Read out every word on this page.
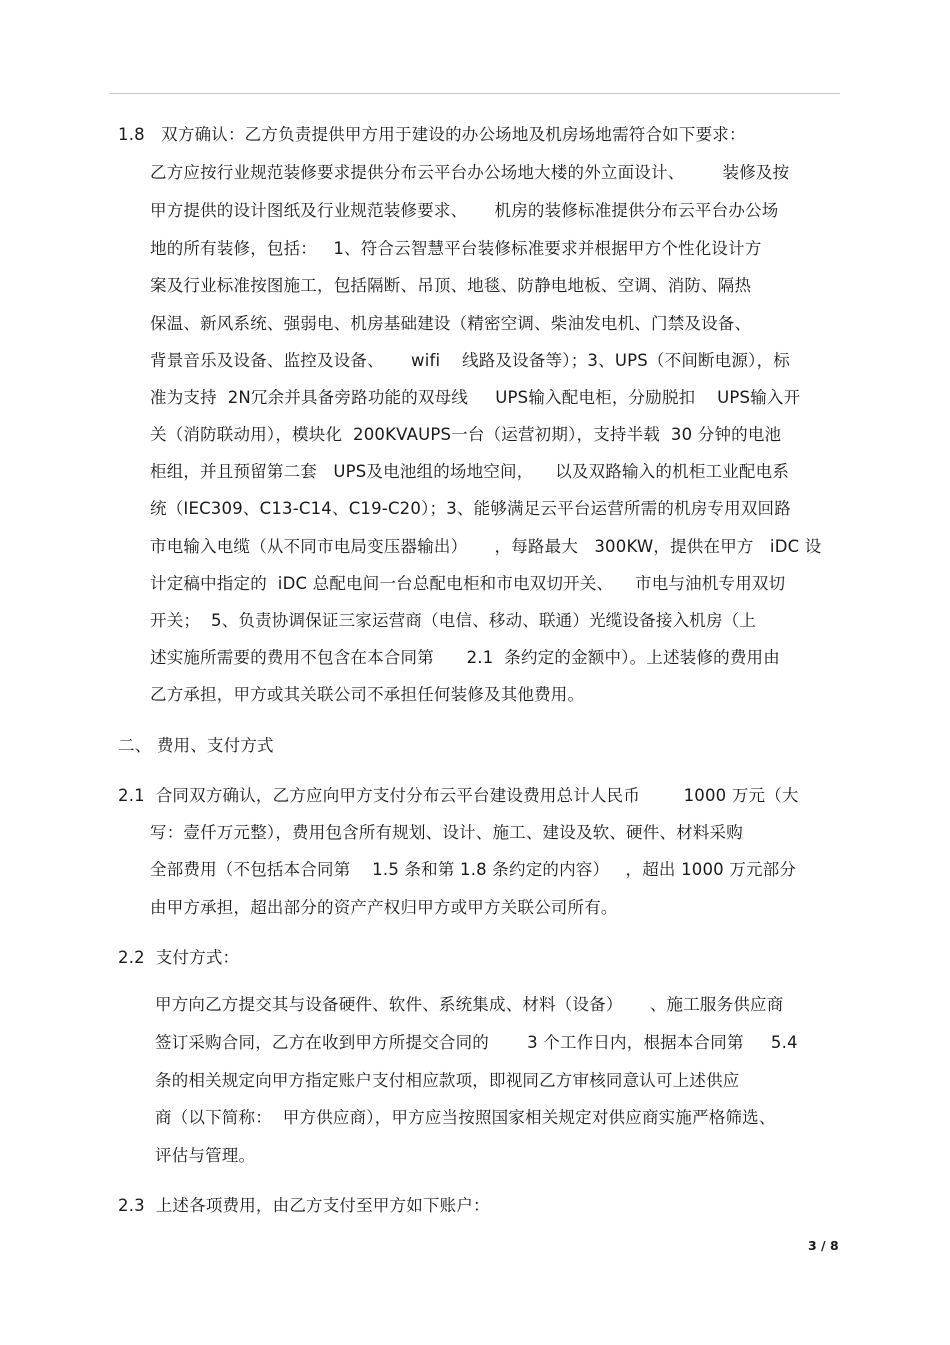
1.8   双方确认：乙方负责提供甲方用于建设的办公场地及机房场地需符合如下要求：
乙方应按行业规范装修要求提供分布云平台办公场地大楼的外立面设计、       装修及按
甲方提供的设计图纸及行业规范装修要求、     机房的装修标准提供分布云平台办公场
地的所有装修，包括：   1、符合云智慧平台装修标准要求并根据甲方个性化设计方
案及行业标准按图施工，包括隔断、吊顶、地毯、防静电地板、空调、消防、隔热
保温、新风系统、强弱电、机房基础建设（精密空调、柴油发电机、门禁及设备、
背景音乐及设备、监控及设备、     wifi    线路及设备等）；3、UPS（不间断电源），标
准为支持  2N冗余并具备旁路功能的双母线     UPS输入配电柜，分励脱扣    UPS输入开
关（消防联动用），模块化  200KVAUPS一台（运营初期），支持半载  30 分钟的电池
柜组，并且预留第二套   UPS及电池组的场地空间，    以及双路输入的机柜工业配电系
统（IEC309、C13-C14、C19-C20）；3、能够满足云平台运营所需的机房专用双回路
市电输入电缆（从不同市电局变压器输出）     ，每路最大   300KW，提供在甲方   iDC 设
计定稿中指定的  iDC 总配电间一台总配电柜和市电双切开关、    市电与油机专用双切
开关；  5、负责协调保证三家运营商（电信、移动、联通）光缆设备接入机房（上
述实施所需要的费用不包含在本合同第      2.1  条约定的金额中）。上述装修的费用由
乙方承担，甲方或其关联公司不承担任何装修及其他费用。
二、 费用、支付方式
2.1  合同双方确认，乙方应向甲方支付分布云平台建设费用总计人民币        1000 万元（大
写：壹仟万元整），费用包含所有规划、设计、施工、建设及软、硬件、材料采购
全部费用（不包括本合同第    1.5 条和第 1.8 条约定的内容）   ，超出 1000 万元部分
由甲方承担，超出部分的资产产权归甲方或甲方关联公司所有。
2.2  支付方式：
甲方向乙方提交其与设备硬件、软件、系统集成、材料（设备）     、施工服务供应商
签订采购合同，乙方在收到甲方所提交合同的       3 个工作日内，根据本合同第     5.4
条的相关规定向甲方指定账户支付相应款项，即视同乙方审核同意认可上述供应
商（以下简称：  甲方供应商），甲方应当按照国家相关规定对供应商实施严格筛选、
评估与管理。
2.3  上述各项费用，由乙方支付至甲方如下账户：
3 / 8
